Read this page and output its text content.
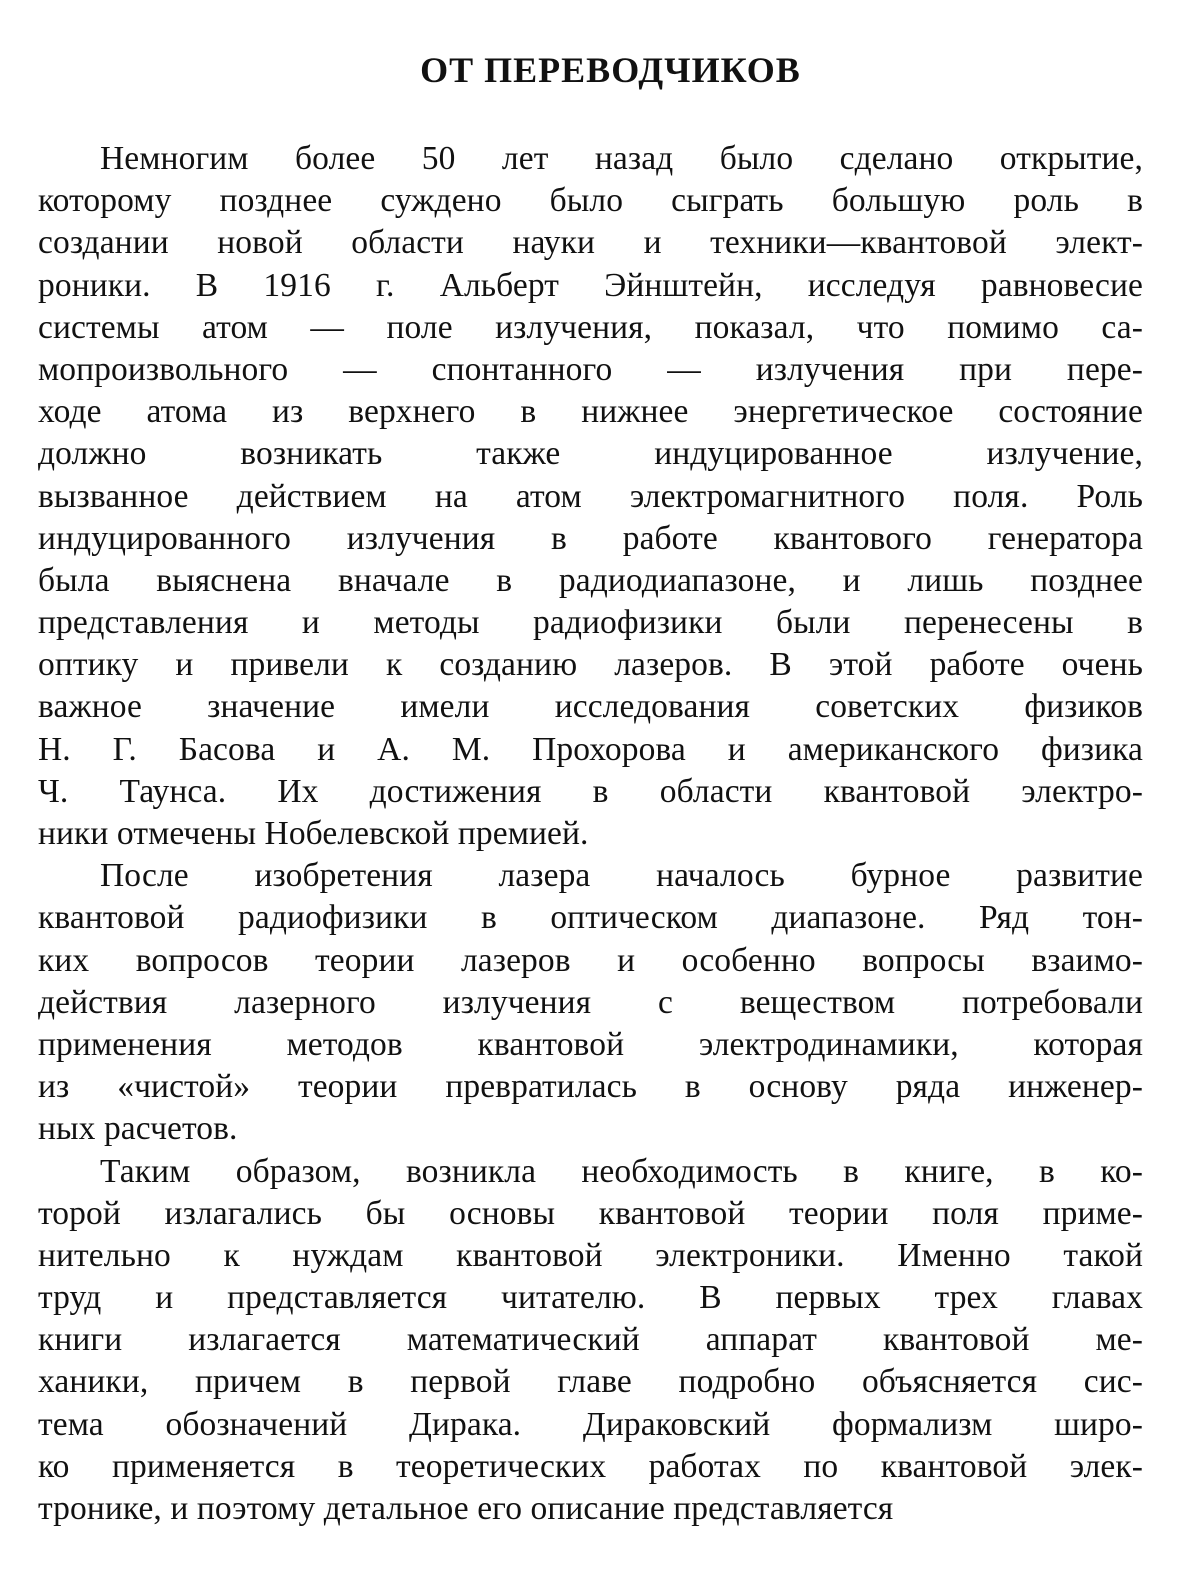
ОТ ПЕРЕВОДЧИКОВ

Немногим более 50 лет назад было сделано открытие,
которому позднее суждено было сыграть большую роль в
создании новой области науки и техники—квантовой элект-
роники. В 1916 г. Альберт Эйнштейн, исследуя равновесие
системы атом — поле излучения, показал, что помимо са-
мопроизвольного — спонтанного — излучения при пере-
ходе атома из верхнего в нижнее энергетическое состояние
должно возникать также индуцированное излучение,
вызванное действием на атом электромагнитного поля. Роль
индуцированного излучения в работе квантового генератора
была выяснена вначале в радиодиапазоне, и лишь позднее
представления и методы радиофизики были перенесены в
оптику и привели к созданию лазеров. В этой работе очень
важное значение имели исследования советских физиков
Н. Г. Басова и А. М. Прохорова и американского физика
Ч. Таунса. Их достижения в области квантовой электро-
ники отмечены Нобелевской премией.

После изобретения лазера началось бурное развитие
квантовой радиофизики в оптическом диапазоне. Ряд тон-
ких вопросов теории лазеров и особенно вопросы взаимо-
действия лазерного излучения с веществом потребовали
применения методов квантовой электродинамики, которая
из «чистой» теории превратилась в основу ряда инженер-
ных расчетов.

Таким образом, возникла необходимость в книге, в ко-
торой излагались бы основы квантовой теории поля приме-
нительно к нуждам квантовой электроники. Именно такой
труд и представляется читателю. В первых трех главах
книги излагается математический аппарат квантовой ме-
ханики, причем в первой главе подробно объясняется сис-
тема обозначений Дирака. Дираковский формализм широ-
ко применяется в теоретических работах по квантовой элек-
тронике, и поэтому детальное его описание представляется
